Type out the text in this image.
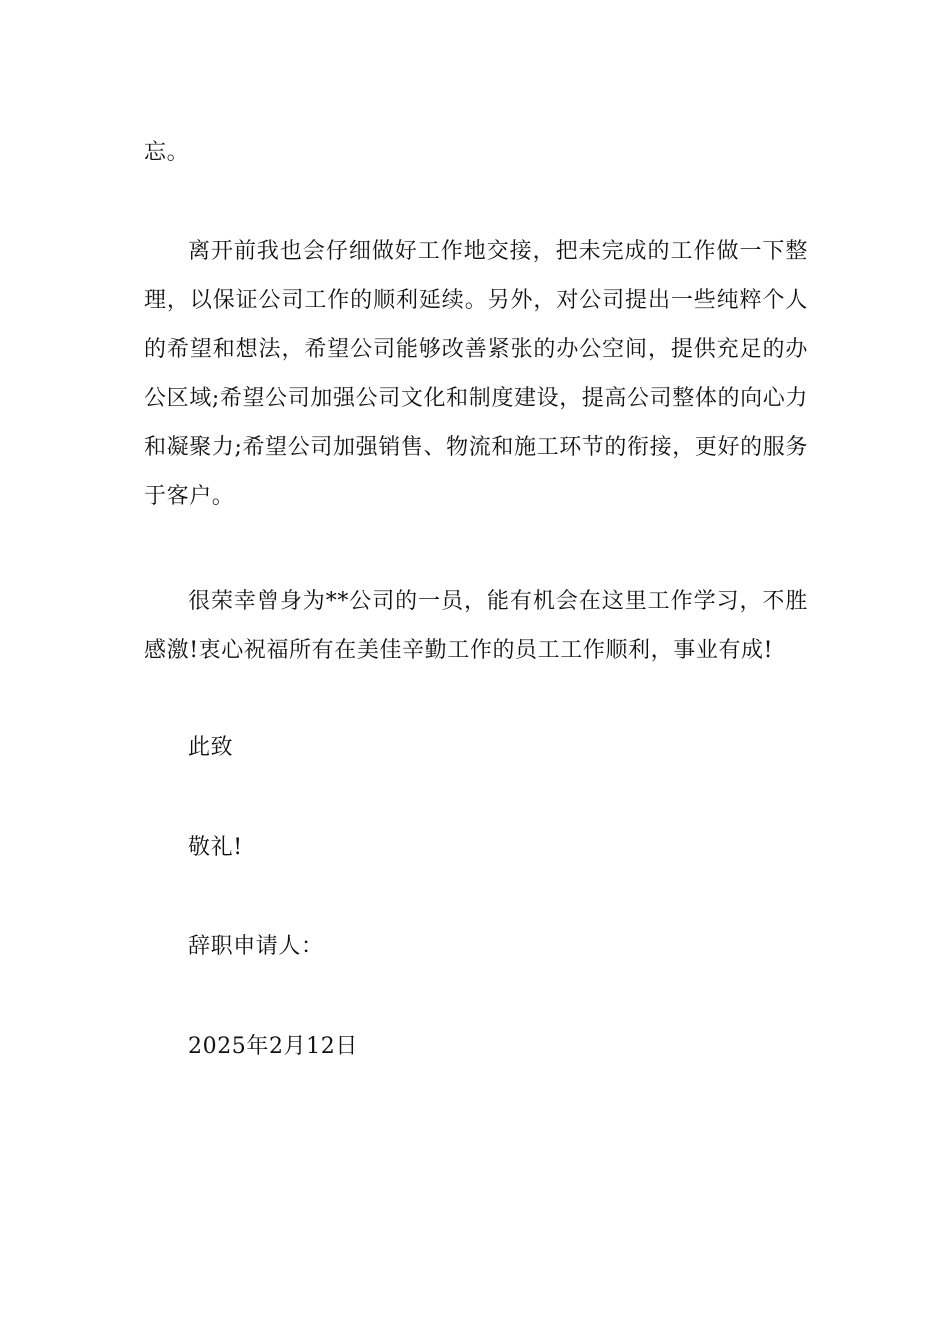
忘。

离开前我也会仔细做好工作地交接，把未完成的工作做一下整理，以保证公司工作的顺利延续。另外，对公司提出一些纯粹个人的希望和想法，希望公司能够改善紧张的办公空间，提供充足的办公区域;希望公司加强公司文化和制度建设，提高公司整体的向心力和凝聚力;希望公司加强销售、物流和施工环节的衔接，更好的服务于客户。

很荣幸曾身为**公司的一员，能有机会在这里工作学习，不胜感激!衷心祝福所有在美佳辛勤工作的员工工作顺利，事业有成!

此致

敬礼!

辞职申请人：

2025年2月12日
